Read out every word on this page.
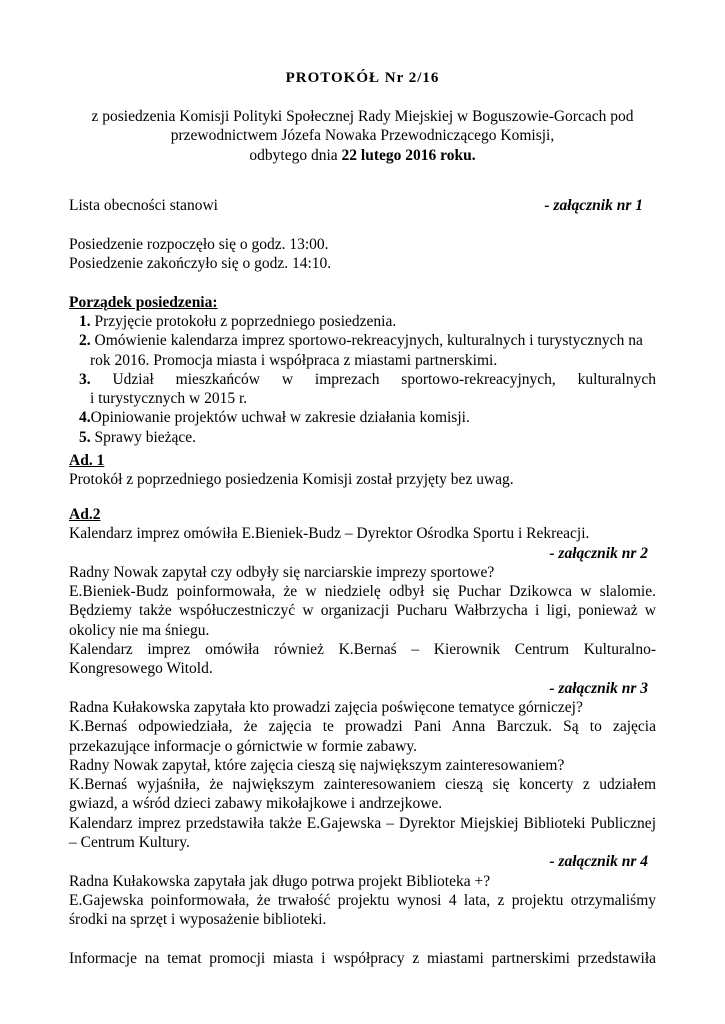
PROTOKÓŁ Nr 2/16
z posiedzenia Komisji Polityki Społecznej Rady Miejskiej w Boguszowie-Gorcach pod
przewodnictwem Józefa Nowaka Przewodniczącego Komisji,
odbytego dnia 22 lutego 2016 roku.
Lista obecności stanowi	- załącznik nr 1
Posiedzenie rozpoczęło się o godz. 13:00.
Posiedzenie zakończyło się o godz. 14:10.
Porządek posiedzenia:
1. Przyjęcie protokołu z poprzedniego posiedzenia.
2. Omówienie kalendarza imprez sportowo-rekreacyjnych, kulturalnych i turystycznych na
rok 2016. Promocja miasta i współpraca z miastami partnerskimi.
3. Udział mieszkańców w imprezach sportowo-rekreacyjnych, kulturalnych
i turystycznych w 2015 r.
4.Opiniowanie projektów uchwał w zakresie działania komisji.
5. Sprawy bieżące.
Ad. 1
Protokół z poprzedniego posiedzenia Komisji został przyjęty bez uwag.
Ad.2
Kalendarz imprez omówiła E.Bieniek-Budz – Dyrektor Ośrodka Sportu i Rekreacji.
- załącznik nr 2
Radny Nowak zapytał czy odbyły się narciarskie imprezy sportowe?
E.Bieniek-Budz poinformowała, że w niedzielę odbył się Puchar Dzikowca w slalomie. Będziemy także współuczestniczyć w organizacji Pucharu Wałbrzycha i ligi, ponieważ w okolicy nie ma śniegu.
Kalendarz imprez omówiła również K.Bernaś – Kierownik Centrum Kulturalno-Kongresowego Witold.
- załącznik nr 3
Radna Kułakowska zapytała kto prowadzi zajęcia poświęcone tematyce górniczej?
K.Bernaś odpowiedziała, że zajęcia te prowadzi Pani Anna Barczuk. Są to zajęcia przekazujące informacje o górnictwie w formie zabawy.
Radny Nowak zapytał, które zajęcia cieszą się największym zainteresowaniem?
K.Bernaś wyjaśniła, że największym zainteresowaniem cieszą się koncerty z udziałem gwiazd, a wśród dzieci zabawy mikołajkowe i andrzejkowe.
Kalendarz imprez przedstawiła także E.Gajewska – Dyrektor Miejskiej Biblioteki Publicznej – Centrum Kultury.
- załącznik nr 4
Radna Kułakowska zapytała jak długo potrwa projekt Biblioteka +?
E.Gajewska poinformowała, że trwałość projektu wynosi 4 lata, z projektu otrzymaliśmy środki na sprzęt i wyposażenie biblioteki.
Informacje na temat promocji miasta i współpracy z miastami partnerskimi przedstawiła
